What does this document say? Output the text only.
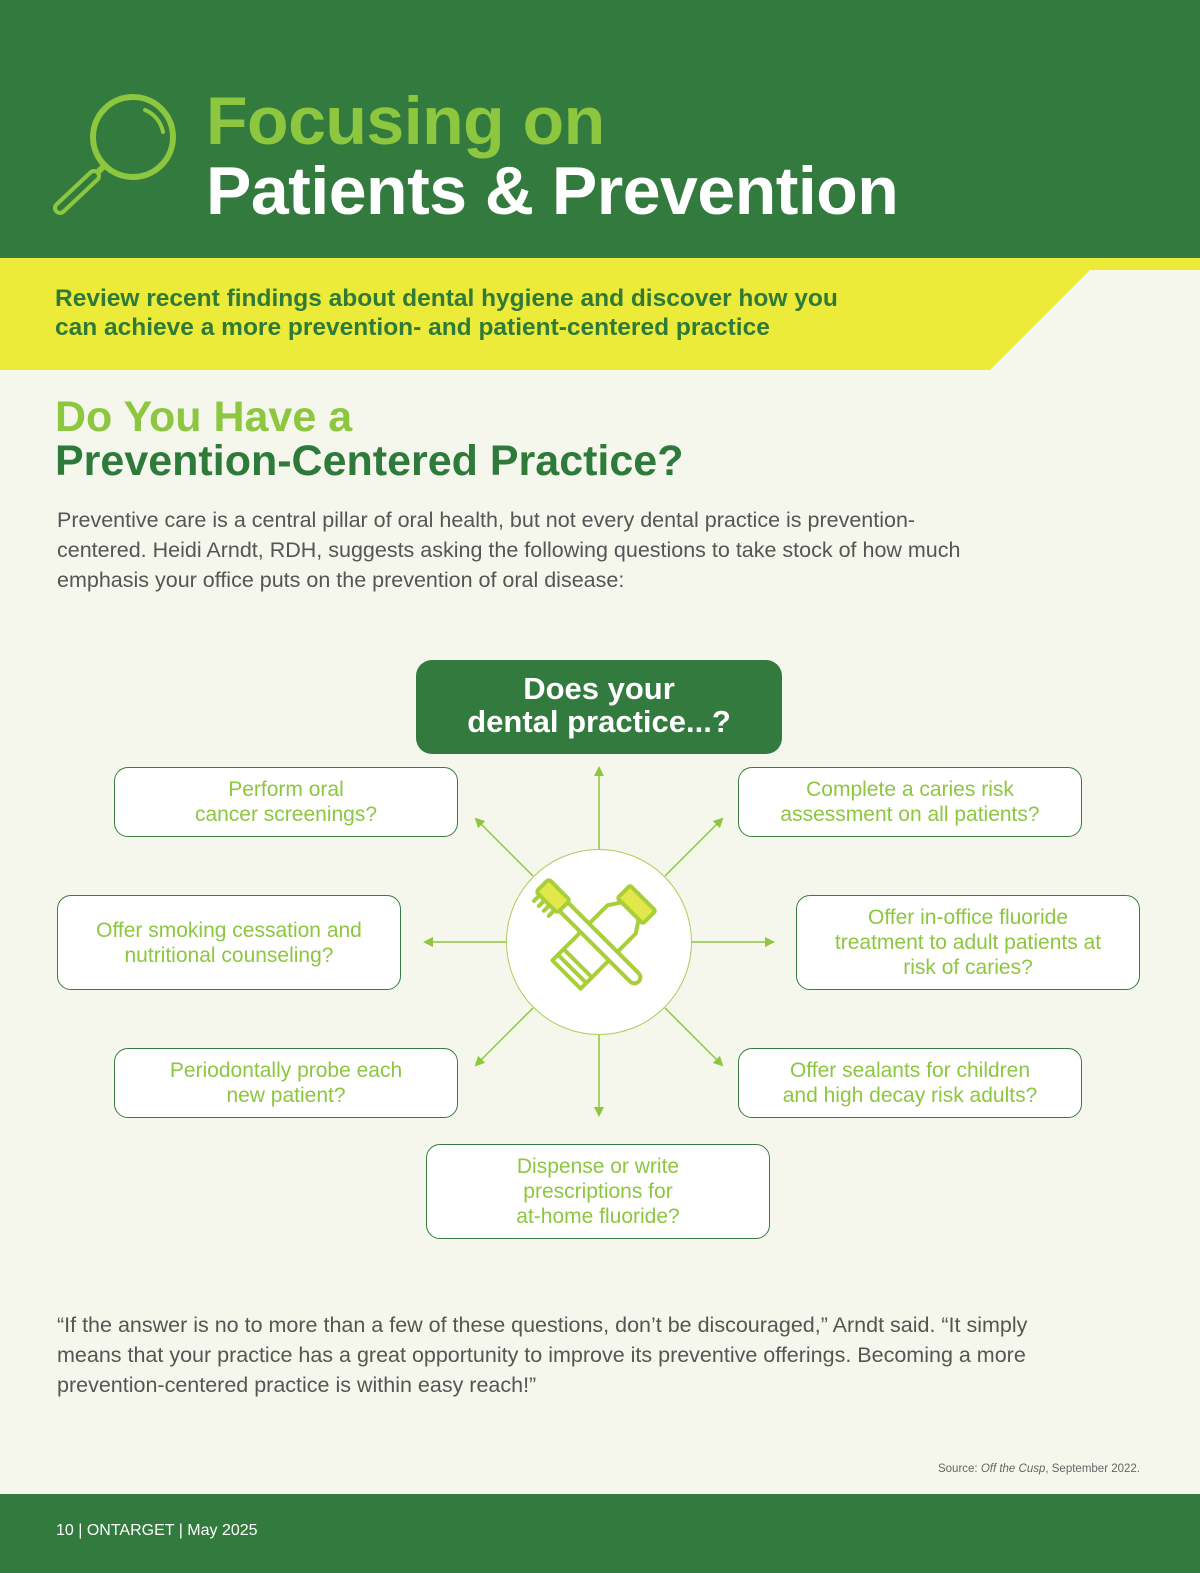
Focusing on
Patients & Prevention
Review recent findings about dental hygiene and discover how you
can achieve a more prevention- and patient-centered practice
Do You Have a
Prevention-Centered Practice?
Preventive care is a central pillar of oral health, but not every dental practice is prevention-
centered. Heidi Arndt, RDH, suggests asking the following questions to take stock of how much
emphasis your office puts on the prevention of oral disease:
Does your
dental practice...?
Perform oral
cancer screenings?
Complete a caries risk
assessment on all patients?
Offer smoking cessation and
nutritional counseling?
Offer in-office fluoride
treatment to adult patients at
risk of caries?
Periodontally probe each
new patient?
Offer sealants for children
and high decay risk adults?
Dispense or write
prescriptions for
at-home fluoride?
“If the answer is no to more than a few of these questions, don’t be discouraged,” Arndt said. “It simply
means that your practice has a great opportunity to improve its preventive offerings. Becoming a more
prevention-centered practice is within easy reach!”
Source: Off the Cusp, September 2022.
10 | ONTARGET | May 2025
